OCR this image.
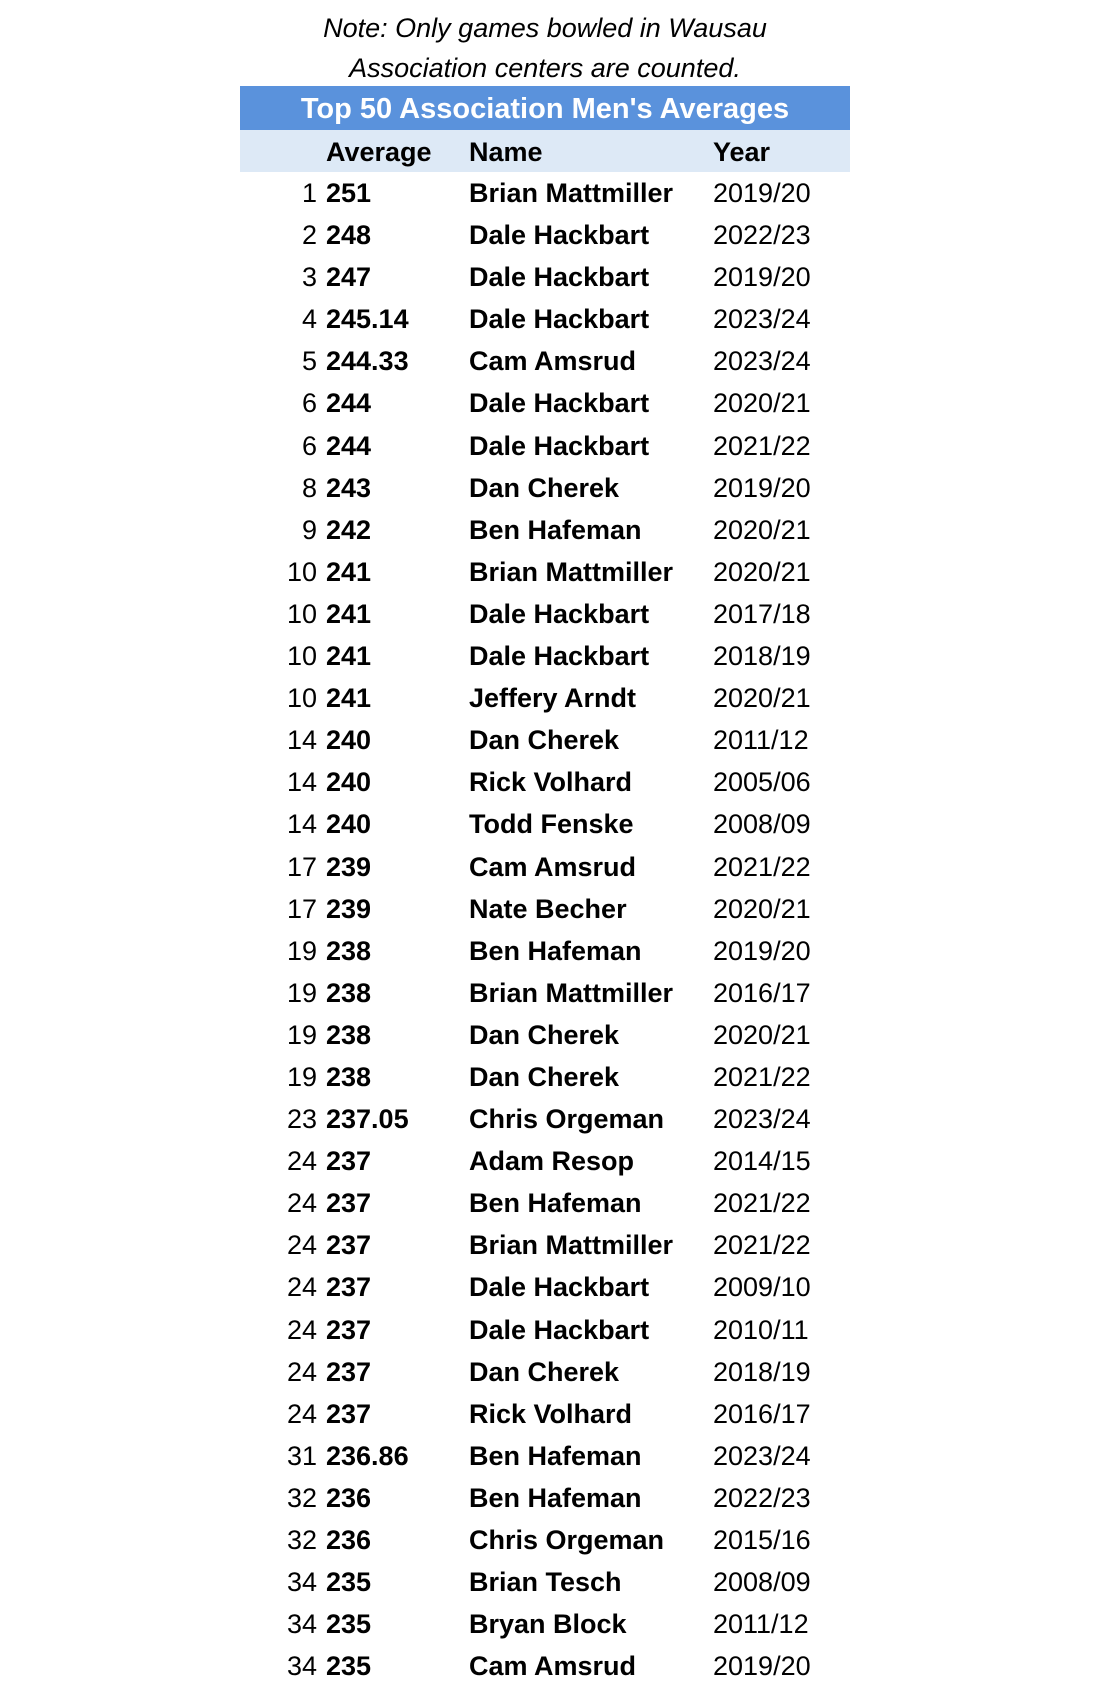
Note: Only games bowled in Wausau
Association centers are counted.
Top 50 Association Men's Averages
Average Name	Year
1 251	Brian Mattmiller 2019/20
2 248	Dale Hackbart 2022/23
3 247	Dale Hackbart 2019/20
4 245.14 Dale Hackbart 2023/24
5 244.33 Cam Amsrud	2023/24
6 244	Dale Hackbart 2020/21
6 244	Dale Hackbart 2021/22
8 243	Dan Cherek	2019/20
9 242	Ben Hafeman	2020/21
10 241	Brian Mattmiller 2020/21
10 241	Dale Hackbart 2017/18
10 241	Dale Hackbart 2018/19
10 241	Jeffery Arndt	2020/21
14 240	Dan Cherek	2011/12
14 240	Rick Volhard	2005/06
14 240	Todd Fenske	2008/09
17 239	Cam Amsrud	2021/22
17 239	Nate Becher	2020/21
19 238	Ben Hafeman	2019/20
19 238	Brian Mattmiller 2016/17
19 238	Dan Cherek	2020/21
19 238	Dan Cherek	2021/22
23 237.05 Chris Orgeman 2023/24
24 237	Adam Resop	2014/15
24 237	Ben Hafeman	2021/22
24 237	Brian Mattmiller 2021/22
24 237	Dale Hackbart 2009/10
24 237	Dale Hackbart 2010/11
24 237	Dan Cherek	2018/19
24 237	Rick Volhard	2016/17
31 236.86 Ben Hafeman	2023/24
32 236	Ben Hafeman	2022/23
32 236	Chris Orgeman 2015/16
34 235	Brian Tesch	2008/09
34 235	Bryan Block	2011/12
34 235	Cam Amsrud	2019/20
